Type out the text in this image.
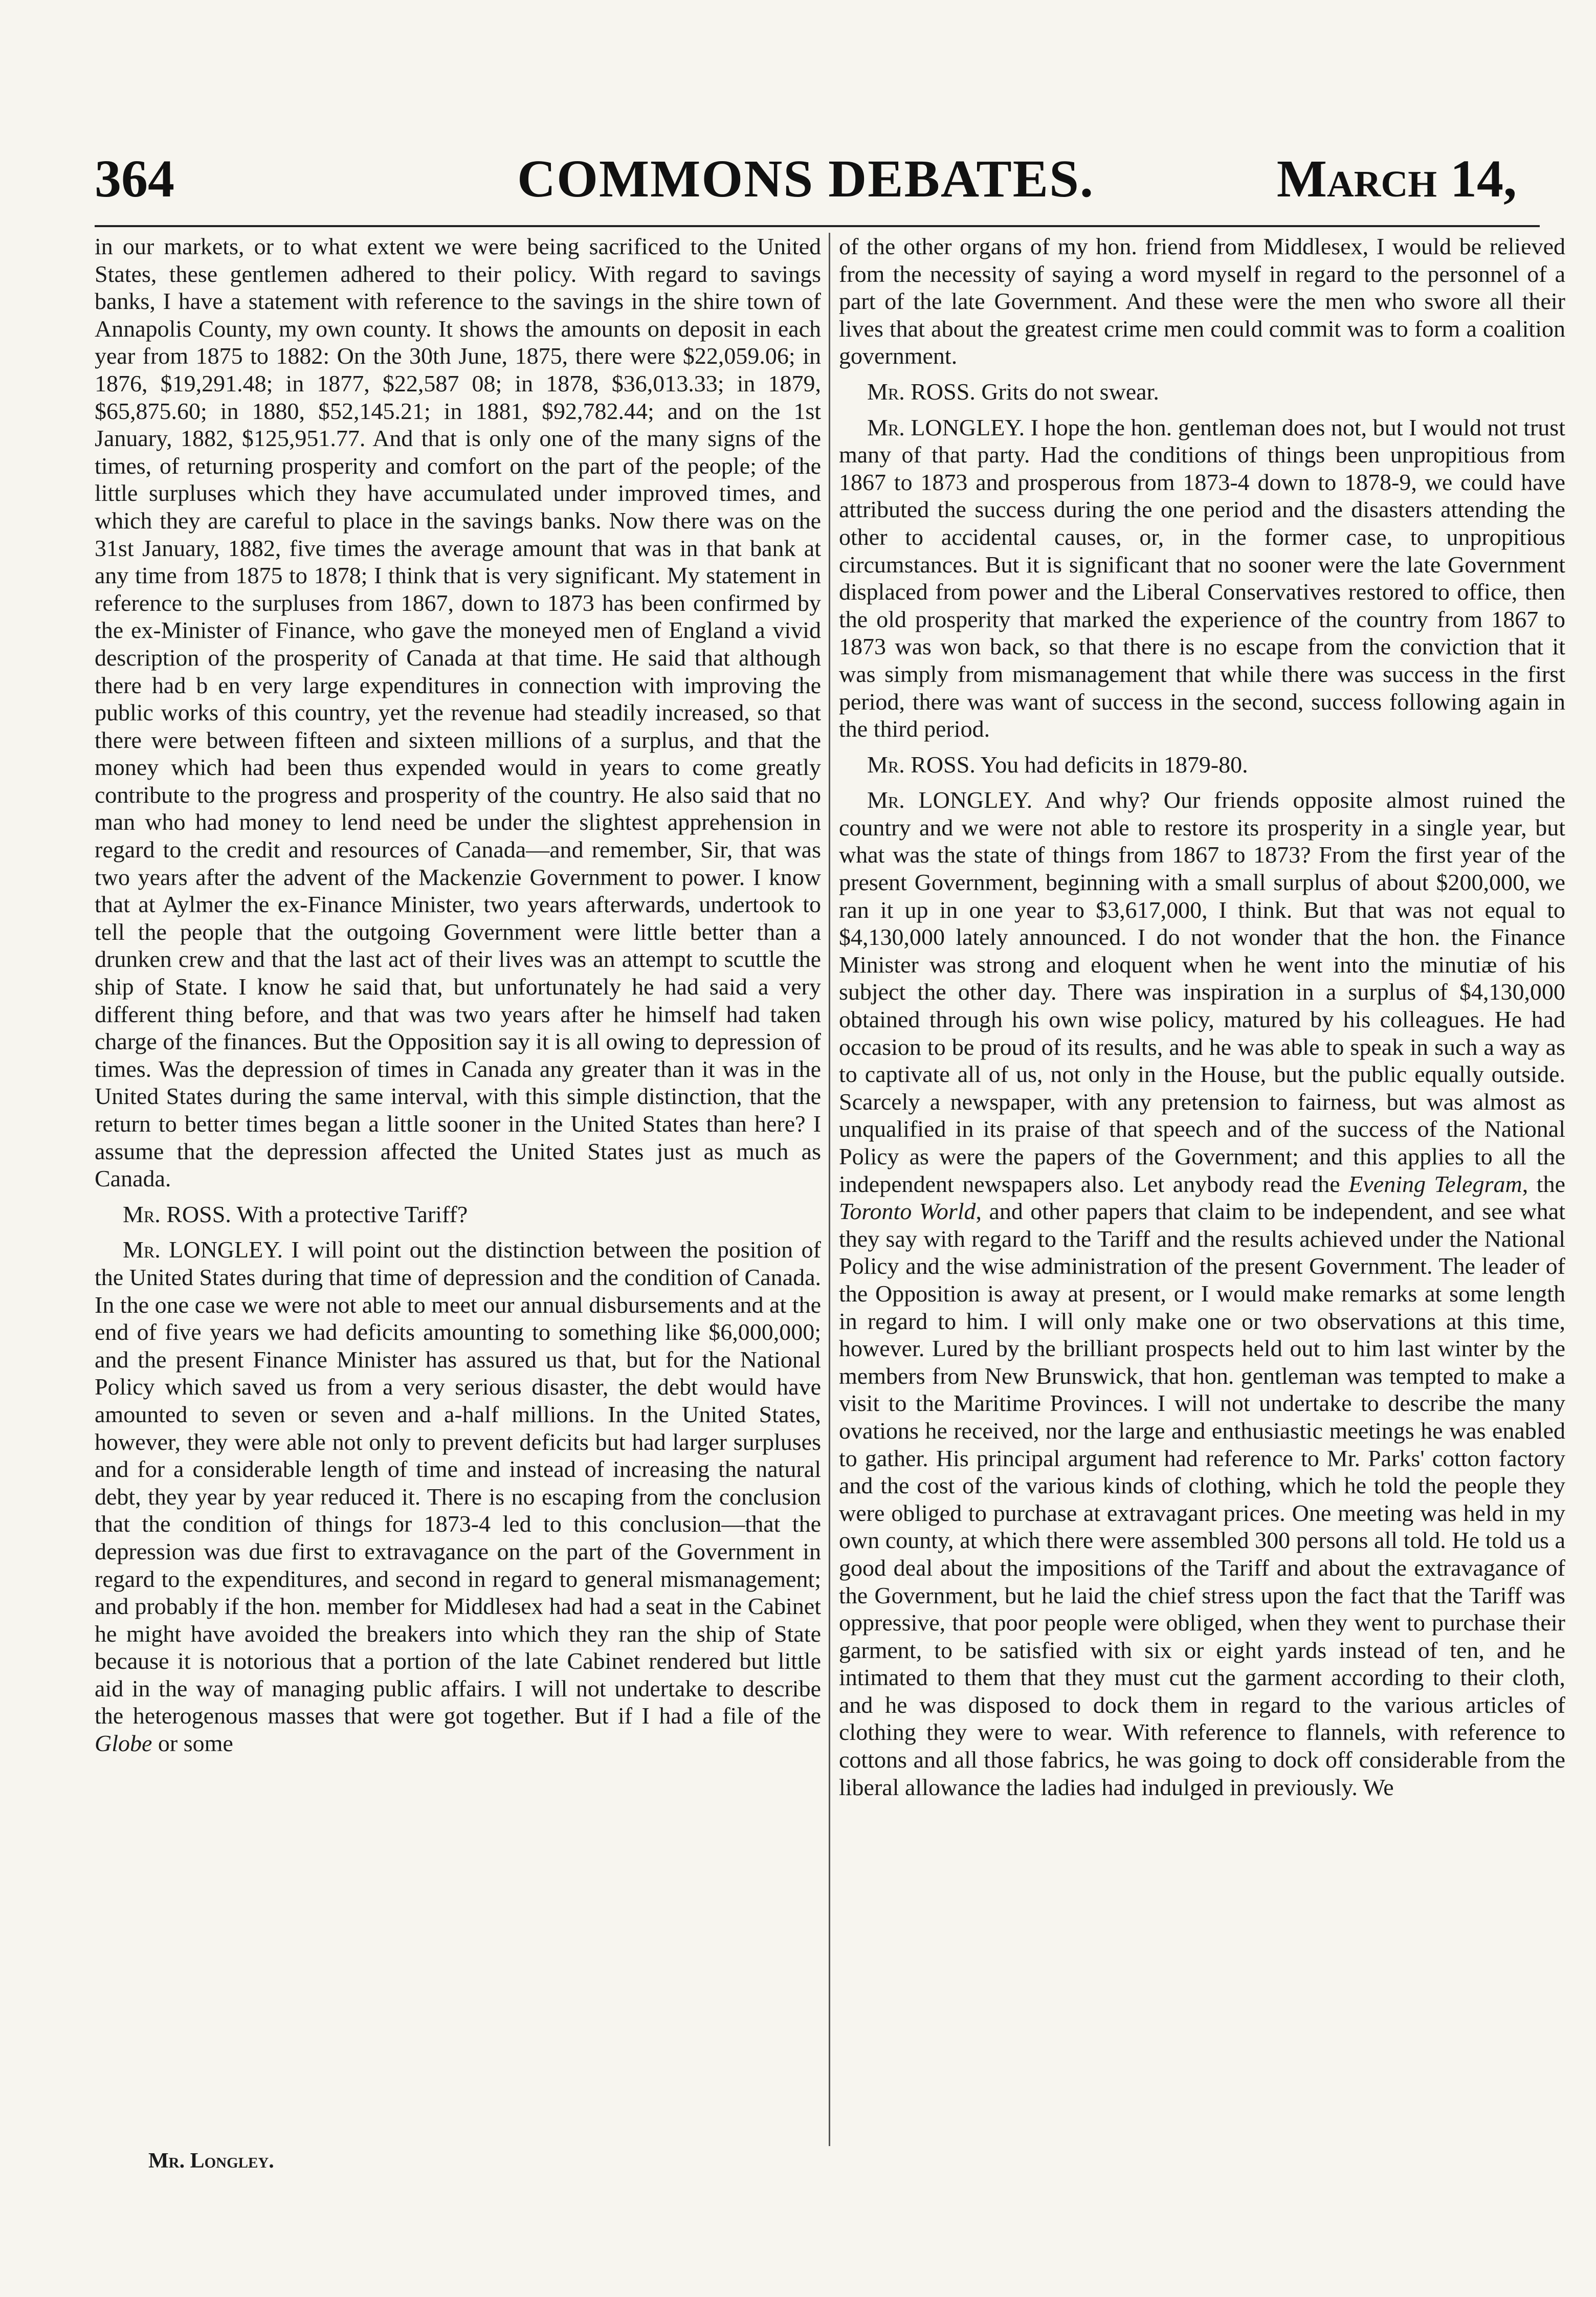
364	COMMONS DEBATES.	March 14,

in our markets, or to what extent we were being sacrificed to the United States, these gentlemen adhered to their policy. With regard to savings banks, I have a statement with reference to the savings in the shire town of Annapolis County, my own county. It shows the amounts on deposit in each year from 1875 to 1882: On the 30th June, 1875, there were $22,059.06; in 1876, $19,291.48; in 1877, $22,587 08; in 1878, $36,013.33; in 1879, $65,875.60; in 1880, $52,145.21; in 1881, $92,782.44; and on the 1st January, 1882, $125,951.77. And that is only one of the many signs of the times, of returning prosperity and comfort on the part of the people; of the little surpluses which they have accumulated under improved times, and which they are careful to place in the savings banks. Now there was on the 31st January, 1882, five times the average amount that was in that bank at any time from 1875 to 1878; I think that is very significant. My statement in reference to the surpluses from 1867, down to 1873 has been confirmed by the ex-Minister of Finance, who gave the moneyed men of England a vivid description of the prosperity of Canada at that time. He said that although there had b en very large expenditures in connection with improving the public works of this country, yet the revenue had steadily increased, so that there were between fifteen and sixteen millions of a surplus, and that the money which had been thus expended would in years to come greatly contribute to the progress and prosperity of the country. He also said that no man who had money to lend need be under the slightest apprehension in regard to the credit and resources of Canada—and remember, Sir, that was two years after the advent of the Mackenzie Government to power. I know that at Aylmer the ex-Finance Minister, two years afterwards, undertook to tell the people that the outgoing Government were little better than a drunken crew and that the last act of their lives was an attempt to scuttle the ship of State. I know he said that, but unfortunately he had said a very different thing before, and that was two years after he himself had taken charge of the finances. But the Opposition say it is all owing to depression of times. Was the depression of times in Canada any greater than it was in the United States during the same interval, with this simple distinction, that the return to better times began a little sooner in the United States than here? I assume that the depression affected the United States just as much as Canada.

Mr. ROSS. With a protective Tariff?

Mr. LONGLEY. I will point out the distinction between the position of the United States during that time of depression and the condition of Canada. In the one case we were not able to meet our annual disbursements and at the end of five years we had deficits amounting to something like $6,000,000; and the present Finance Minister has assured us that, but for the National Policy which saved us from a very serious disaster, the debt would have amounted to seven or seven and a-half millions. In the United States, however, they were able not only to prevent deficits but had larger surpluses and for a considerable length of time and instead of increasing the natural debt, they year by year reduced it. There is no escaping from the conclusion that the condition of things for 1873-4 led to this conclusion—that the depression was due first to extravagance on the part of the Government in regard to the expenditures, and second in regard to general mismanagement; and probably if the hon. member for Middlesex had had a seat in the Cabinet he might have avoided the breakers into which they ran the ship of State because it is notorious that a portion of the late Cabinet rendered but little aid in the way of managing public affairs. I will not undertake to describe the heterogenous masses that were got together. But if I had a file of the Globe or some

of the other organs of my hon. friend from Middlesex, I would be relieved from the necessity of saying a word myself in regard to the personnel of a part of the late Government. And these were the men who swore all their lives that about the greatest crime men could commit was to form a coalition government.

Mr. ROSS. Grits do not swear.

Mr. LONGLEY. I hope the hon. gentleman does not, but I would not trust many of that party. Had the conditions of things been unpropitious from 1867 to 1873 and prosperous from 1873-4 down to 1878-9, we could have attributed the success during the one period and the disasters attending the other to accidental causes, or, in the former case, to unpropitious circumstances. But it is significant that no sooner were the late Government displaced from power and the Liberal Conservatives restored to office, then the old prosperity that marked the experience of the country from 1867 to 1873 was won back, so that there is no escape from the conviction that it was simply from mismanagement that while there was success in the first period, there was want of success in the second, success following again in the third period.

Mr. ROSS. You had deficits in 1879-80.

Mr. LONGLEY. And why? Our friends opposite almost ruined the country and we were not able to restore its prosperity in a single year, but what was the state of things from 1867 to 1873? From the first year of the present Government, beginning with a small surplus of about $200,000, we ran it up in one year to $3,617,000, I think. But that was not equal to $4,130,000 lately announced. I do not wonder that the hon. the Finance Minister was strong and eloquent when he went into the minutiæ of his subject the other day. There was inspiration in a surplus of $4,130,000 obtained through his own wise policy, matured by his colleagues. He had occasion to be proud of its results, and he was able to speak in such a way as to captivate all of us, not only in the House, but the public equally outside. Scarcely a newspaper, with any pretension to fairness, but was almost as unqualified in its praise of that speech and of the success of the National Policy as were the papers of the Government; and this applies to all the independent newspapers also. Let anybody read the Evening Telegram, the Toronto World, and other papers that claim to be independent, and see what they say with regard to the Tariff and the results achieved under the National Policy and the wise administration of the present Government. The leader of the Opposition is away at present, or I would make remarks at some length in regard to him. I will only make one or two observations at this time, however. Lured by the brilliant prospects held out to him last winter by the members from New Brunswick, that hon. gentleman was tempted to make a visit to the Maritime Provinces. I will not undertake to describe the many ovations he received, nor the large and enthusiastic meetings he was enabled to gather. His principal argument had reference to Mr. Parks' cotton factory and the cost of the various kinds of clothing, which he told the people they were obliged to purchase at extravagant prices. One meeting was held in my own county, at which there were assembled 300 persons all told. He told us a good deal about the impositions of the Tariff and about the extravagance of the Government, but he laid the chief stress upon the fact that the Tariff was oppressive, that poor people were obliged, when they went to purchase their garment, to be satisfied with six or eight yards instead of ten, and he intimated to them that they must cut the garment according to their cloth, and he was disposed to dock them in regard to the various articles of clothing they were to wear. With reference to flannels, with reference to cottons and all those fabrics, he was going to dock off considerable from the liberal allowance the ladies had indulged in previously. We

Mr. Longley.
